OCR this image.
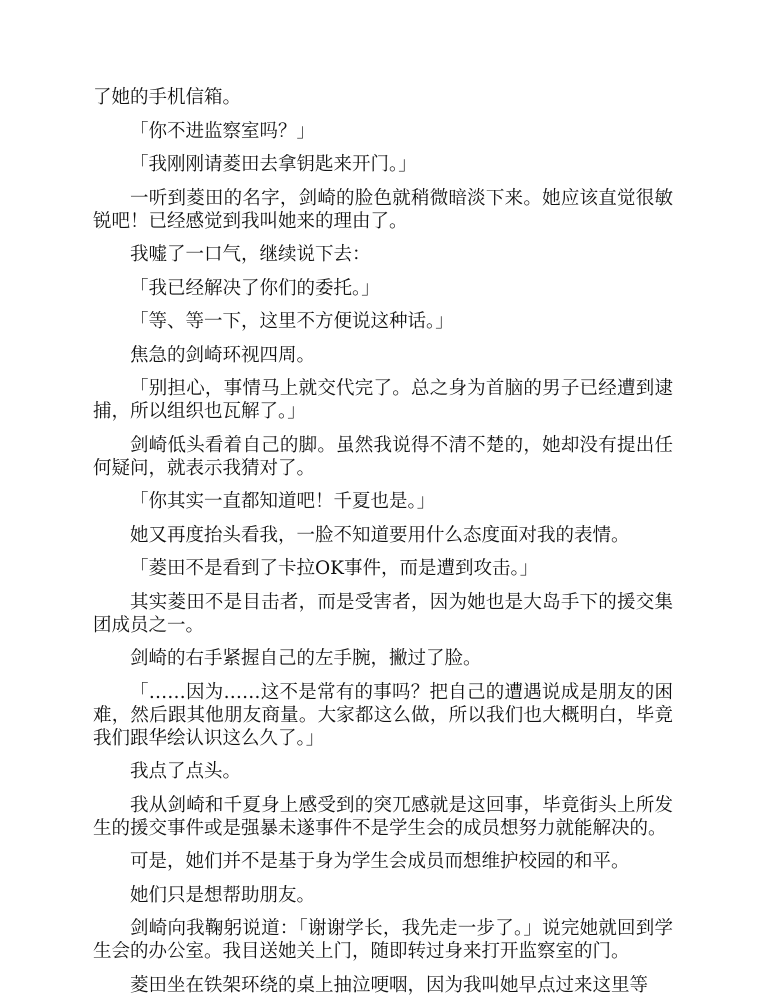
了她的手机信箱。

「你不进监察室吗？」

「我刚刚请菱田去拿钥匙来开门。」

一听到菱田的名字，剑崎的脸色就稍微暗淡下来。她应该直觉很敏锐吧！已经感觉到我叫她来的理由了。

我嘘了一口气，继续说下去：

「我已经解决了你们的委托。」

「等、等一下，这里不方便说这种话。」

焦急的剑崎环视四周。

「别担心，事情马上就交代完了。总之身为首脑的男子已经遭到逮捕，所以组织也瓦解了。」

剑崎低头看着自己的脚。虽然我说得不清不楚的，她却没有提出任何疑问，就表示我猜对了。

「你其实一直都知道吧！千夏也是。」

她又再度抬头看我，一脸不知道要用什么态度面对我的表情。

「菱田不是看到了卡拉OK事件，而是遭到攻击。」

其实菱田不是目击者，而是受害者，因为她也是大岛手下的援交集团成员之一。

剑崎的右手紧握自己的左手腕，撇过了脸。

「……因为……这不是常有的事吗？把自己的遭遇说成是朋友的困难，然后跟其他朋友商量。大家都这么做，所以我们也大概明白，毕竟我们跟华绘认识这么久了。」

我点了点头。

我从剑崎和千夏身上感受到的突兀感就是这回事，毕竟街头上所发生的援交事件或是强暴未遂事件不是学生会的成员想努力就能解决的。

可是，她们并不是基于身为学生会成员而想维护校园的和平。

她们只是想帮助朋友。

剑崎向我鞠躬说道：「谢谢学长，我先走一步了。」说完她就回到学生会的办公室。我目送她关上门，随即转过身来打开监察室的门。

菱田坐在铁架环绕的桌上抽泣哽咽，因为我叫她早点过来这里等
